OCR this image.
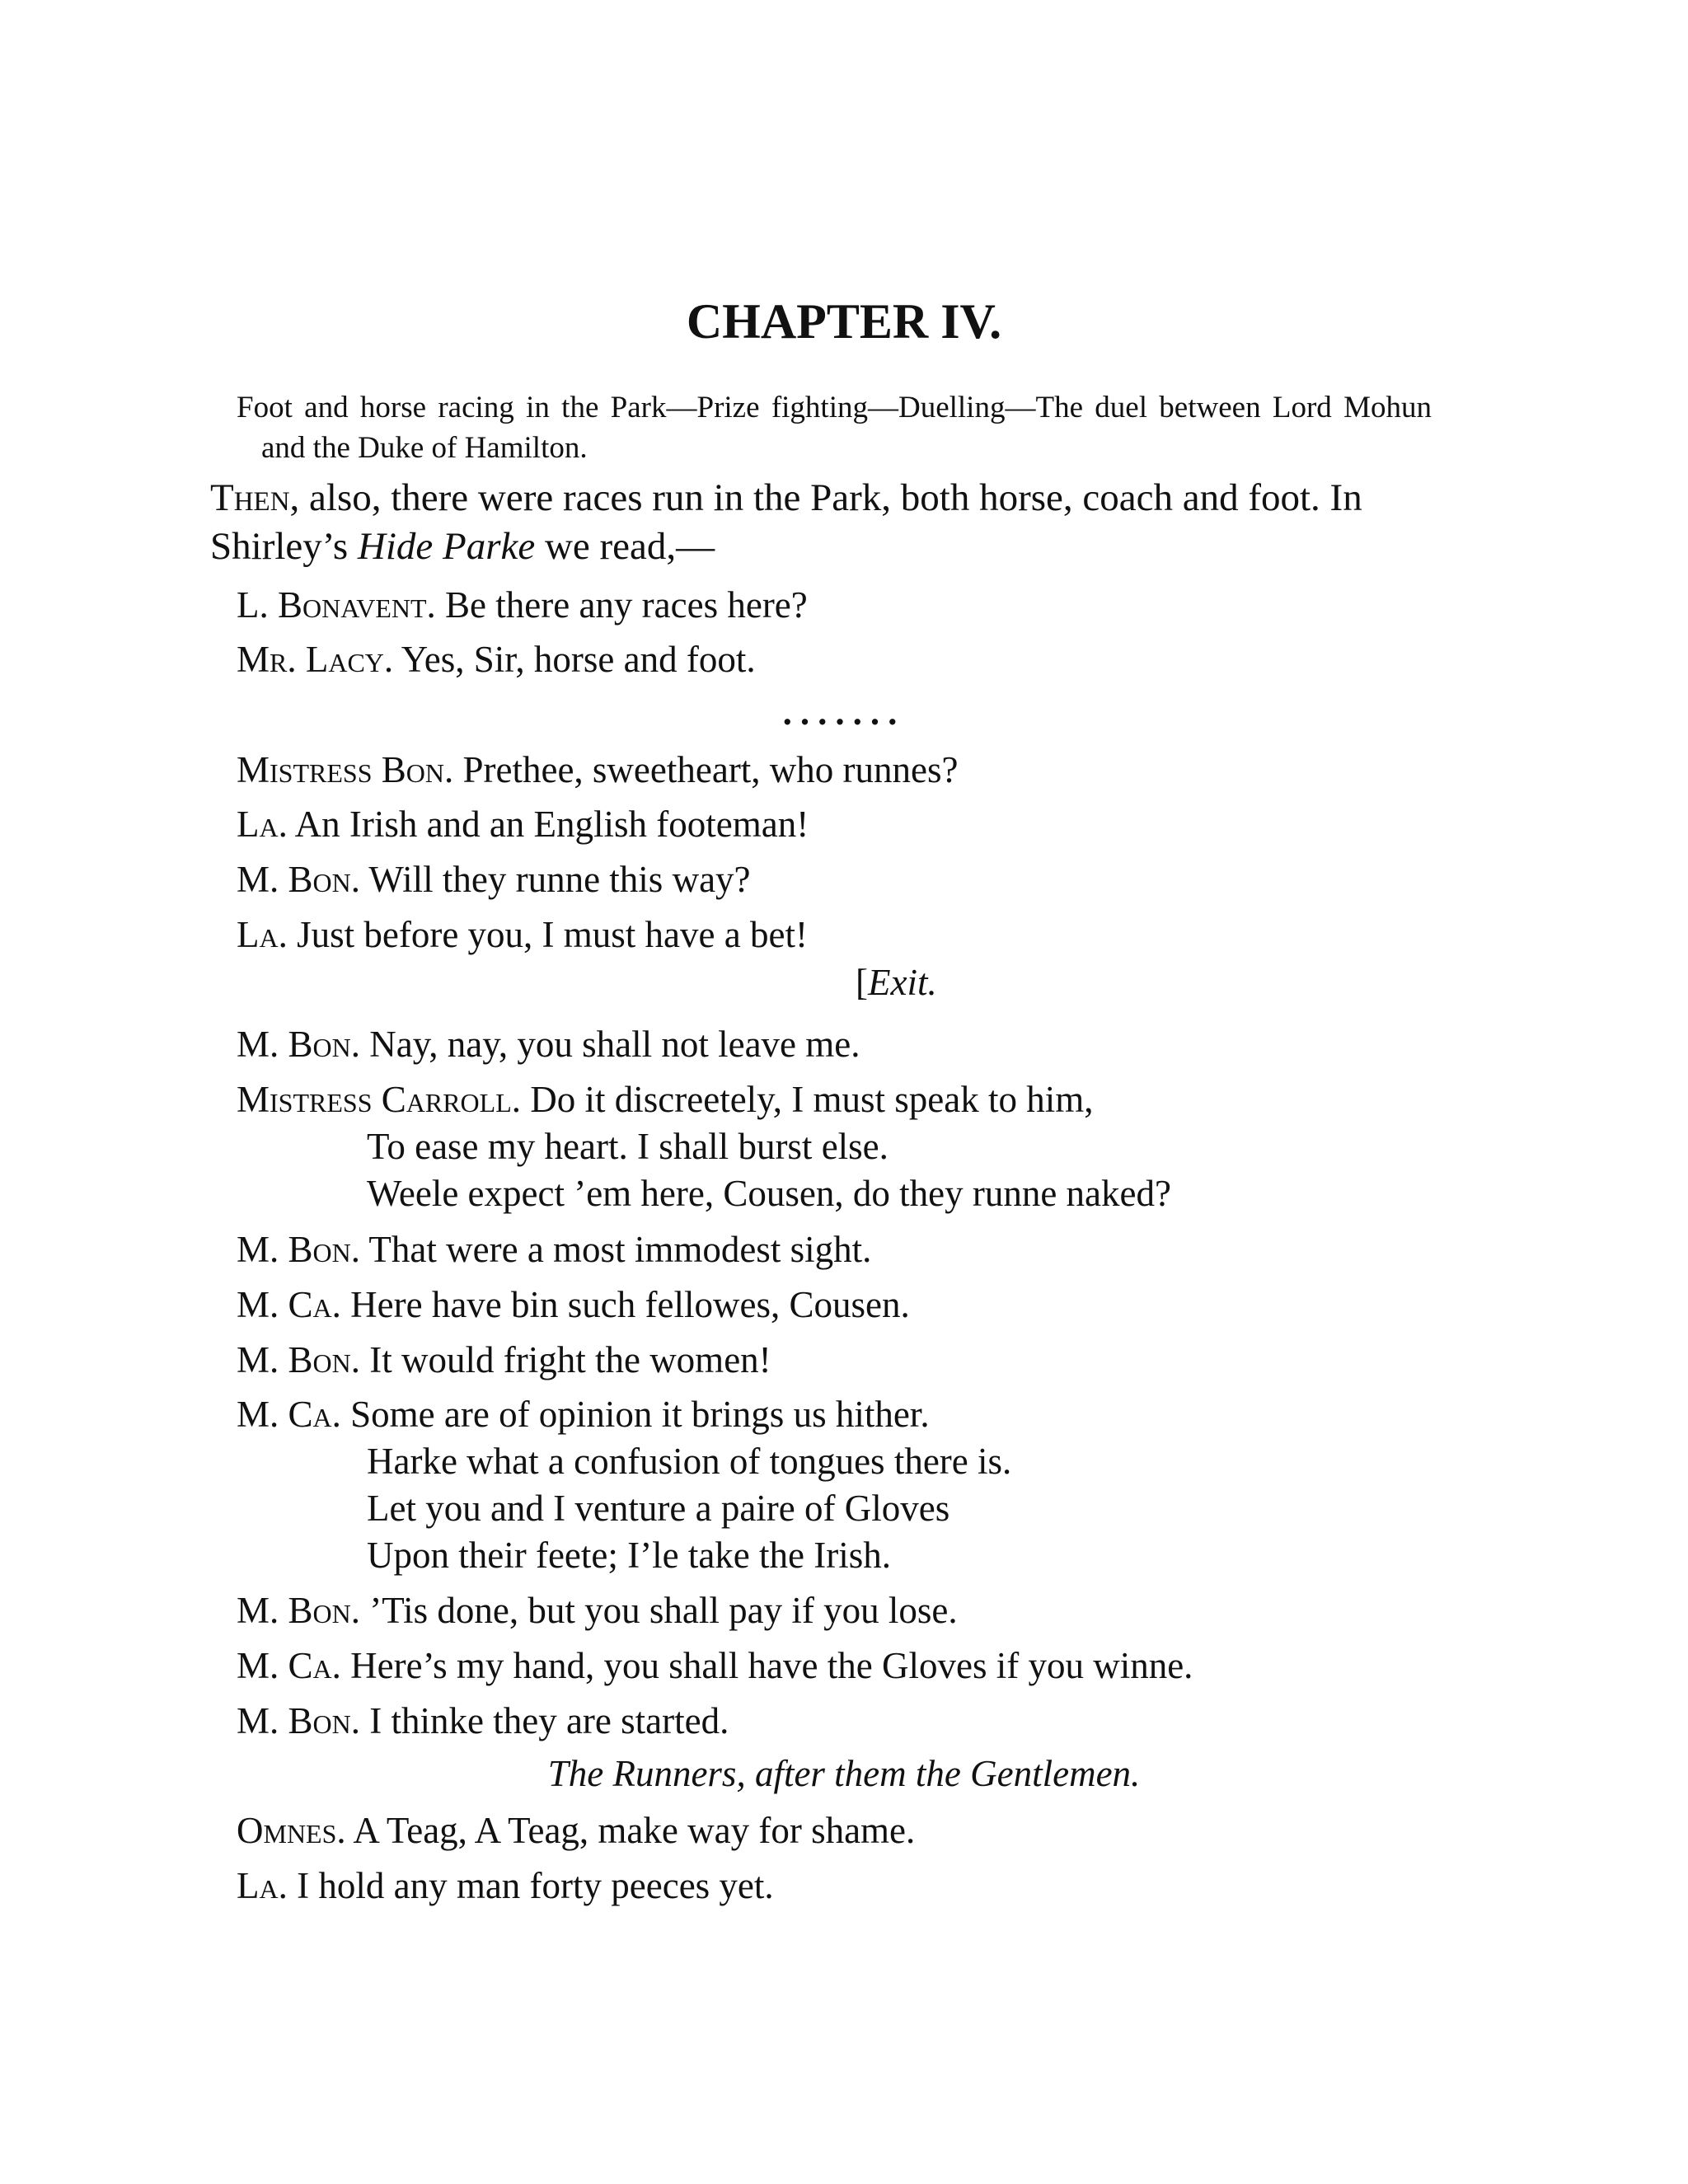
CHAPTER IV.
Foot and horse racing in the Park—Prize fighting—Duelling—The duel between Lord Mohun and the Duke of Hamilton.
Then, also, there were races run in the Park, both horse, coach and foot. In Shirley’s Hide Parke we read,—
L. Bonavent. Be there any races here?
Mr. Lacy. Yes, Sir, horse and foot.
.......
Mistress Bon. Prethee, sweetheart, who runnes?
La. An Irish and an English footeman!
M. Bon. Will they runne this way?
La. Just before you, I must have a bet!
[Exit.
M. Bon. Nay, nay, you shall not leave me.
Mistress Carroll. Do it discreetely, I must speak to him,
To ease my heart. I shall burst else.
Weele expect ’em here, Cousen, do they runne naked?
M. Bon. That were a most immodest sight.
M. Ca. Here have bin such fellowes, Cousen.
M. Bon. It would fright the women!
M. Ca. Some are of opinion it brings us hither.
Harke what a confusion of tongues there is.
Let you and I venture a paire of Gloves
Upon their feete; I’le take the Irish.
M. Bon. ’Tis done, but you shall pay if you lose.
M. Ca. Here’s my hand, you shall have the Gloves if you winne.
M. Bon. I thinke they are started.
The Runners, after them the Gentlemen.
Omnes. A Teag, A Teag, make way for shame.
La. I hold any man forty peeces yet.
